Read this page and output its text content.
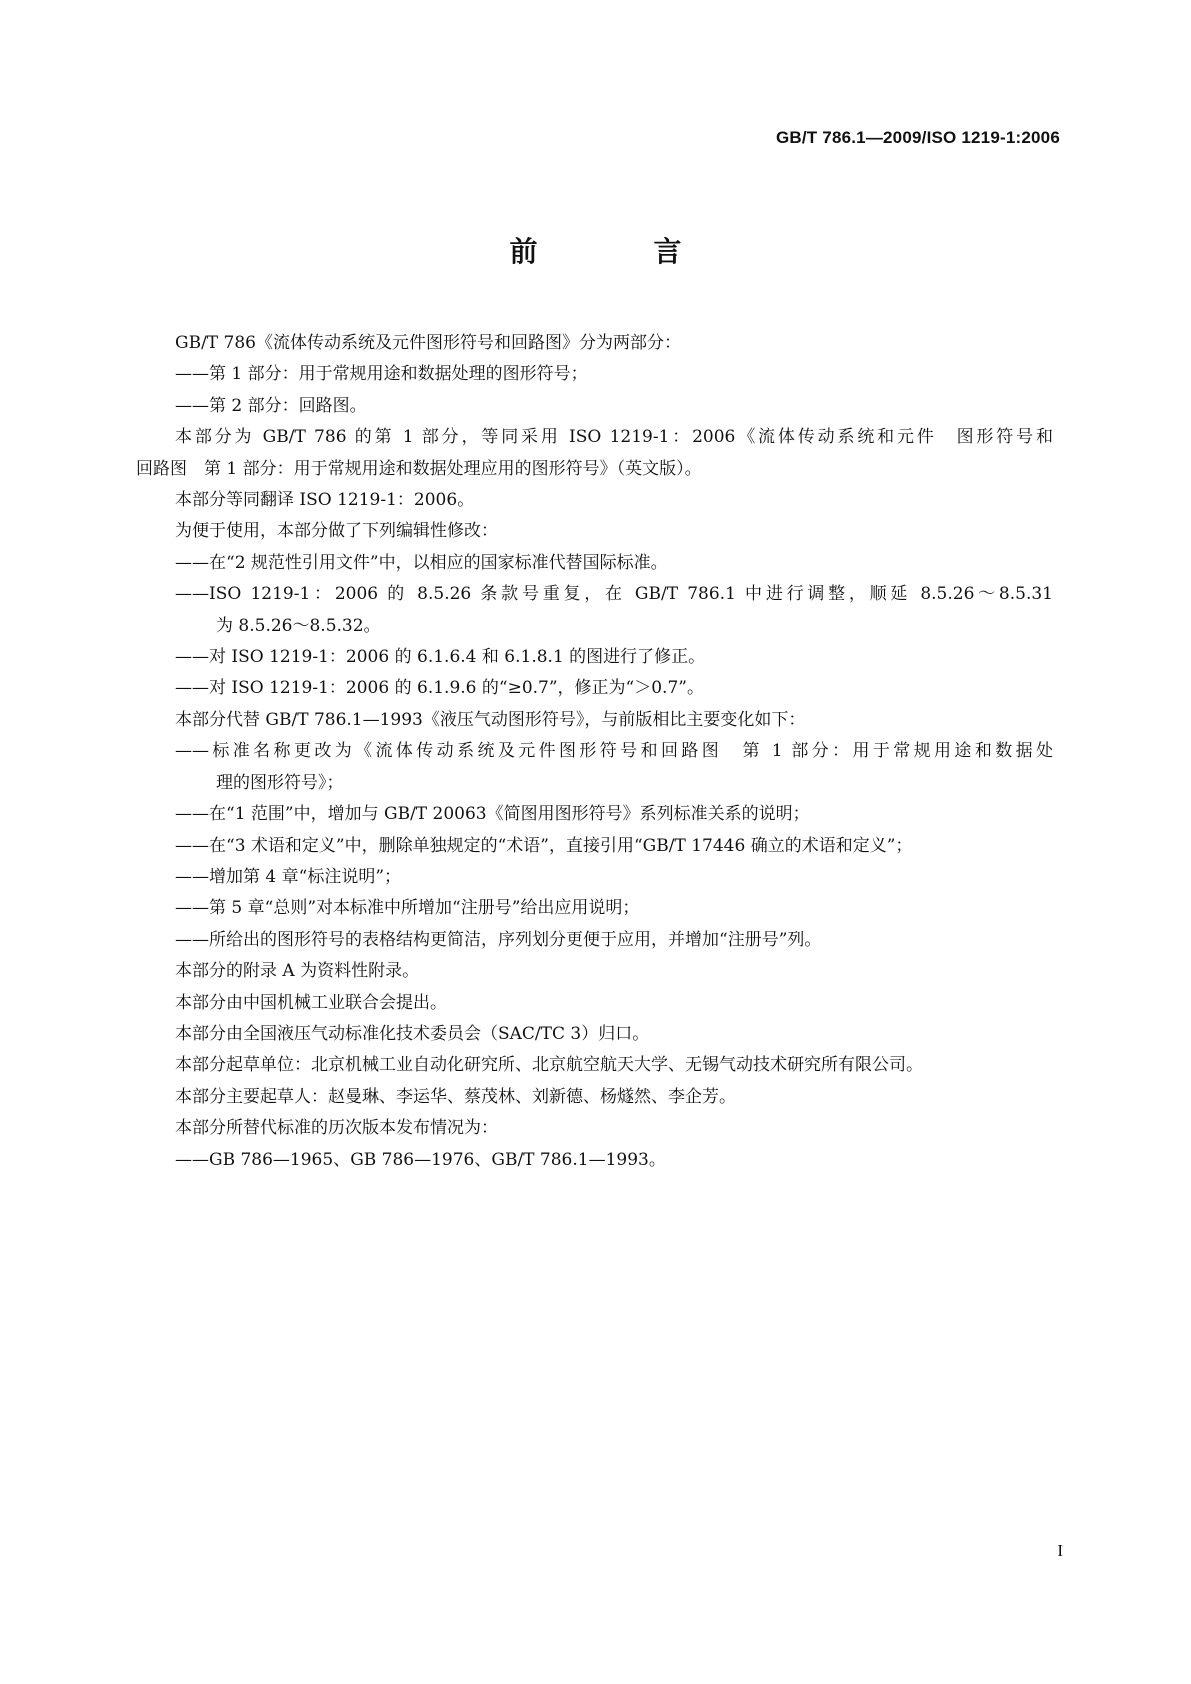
GB/T 786.1—2009/ISO 1219-1:2006
前　言

GB/T 786《流体传动系统及元件图形符号和回路图》分为两部分：

——第 1 部分：用于常规用途和数据处理的图形符号；

——第 2 部分：回路图。

本部分为 GB/T 786 的第 1 部分，等同采用 ISO 1219-1：2006《流体传动系统和元件　图形符号和

回路图　第 1 部分：用于常规用途和数据处理应用的图形符号》（英文版）。

本部分等同翻译 ISO 1219-1：2006。

为便于使用，本部分做了下列编辑性修改：

——在“2 规范性引用文件”中，以相应的国家标准代替国际标准。

——ISO 1219-1：2006 的 8.5.26 条款号重复，在 GB/T 786.1 中进行调整，顺延 8.5.26～8.5.31

为 8.5.26～8.5.32。

——对 ISO 1219-1：2006 的 6.1.6.4 和 6.1.8.1 的图进行了修正。

——对 ISO 1219-1：2006 的 6.1.9.6 的“≥0.7”，修正为“＞0.7”。

本部分代替 GB/T 786.1—1993《液压气动图形符号》，与前版相比主要变化如下：

——标准名称更改为《流体传动系统及元件图形符号和回路图　第 1 部分：用于常规用途和数据处

理的图形符号》；

——在“1 范围”中，增加与 GB/T 20063《简图用图形符号》系列标准关系的说明；

——在“3 术语和定义”中，删除单独规定的“术语”，直接引用“GB/T 17446 确立的术语和定义”；

——增加第 4 章“标注说明”；

——第 5 章“总则”对本标准中所增加“注册号”给出应用说明；

——所给出的图形符号的表格结构更简洁，序列划分更便于应用，并增加“注册号”列。

本部分的附录 A 为资料性附录。

本部分由中国机械工业联合会提出。

本部分由全国液压气动标准化技术委员会（SAC/TC 3）归口。

本部分起草单位：北京机械工业自动化研究所、北京航空航天大学、无锡气动技术研究所有限公司。

本部分主要起草人：赵曼琳、李运华、蔡茂林、刘新德、杨燧然、李企芳。

本部分所替代标准的历次版本发布情况为：

——GB 786—1965、GB 786—1976、GB/T 786.1—1993。

I
